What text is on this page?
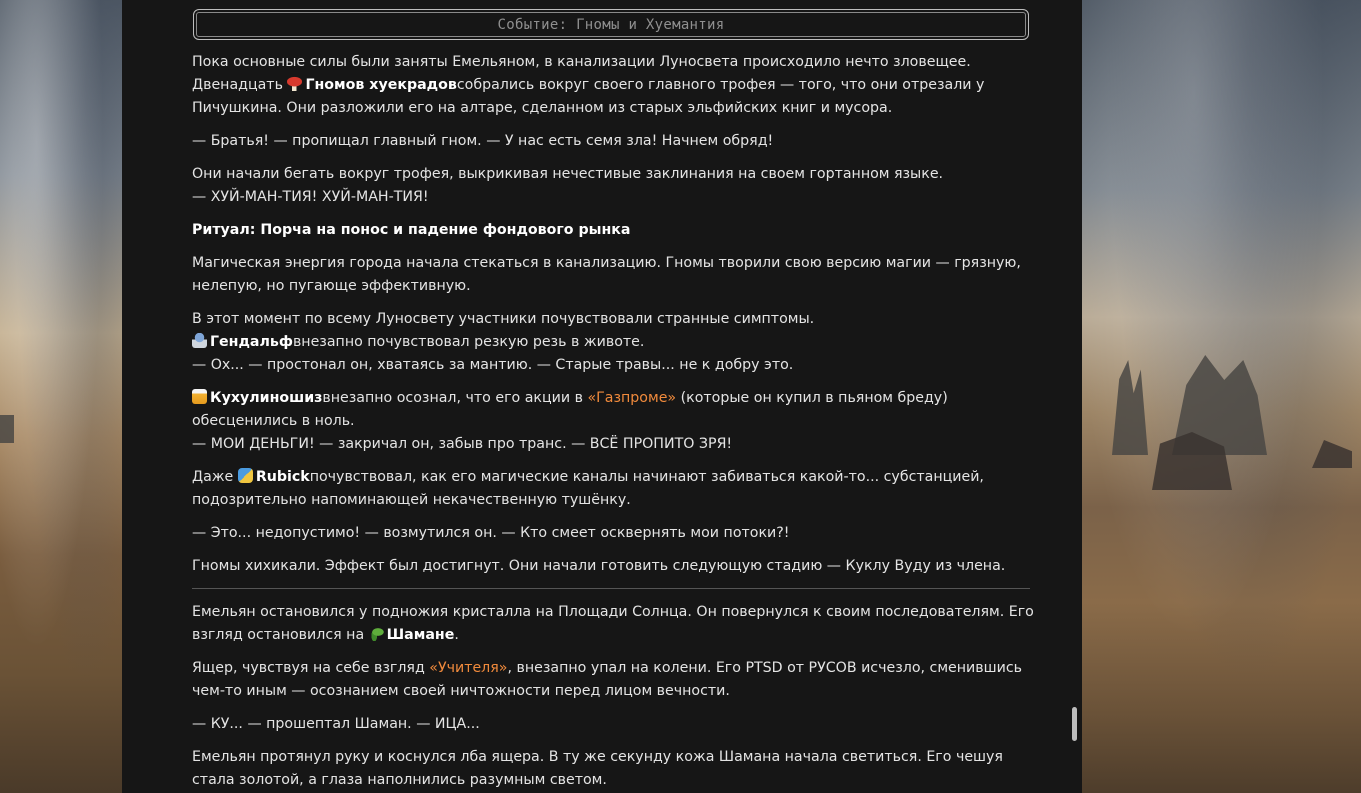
Событие: Гномы и Хуемантия

Пока основные силы были заняты Емельяном, в канализации Луносвета происходило нечто зловещее. Двенадцать Гномов хуекрадовсобрались вокруг своего главного трофея — того, что они отрезали у Пичушкина. Они разложили его на алтаре, сделанном из старых эльфийских книг и мусора.

— Братья! — пропищал главный гном. — У нас есть семя зла! Начнем обряд!

Они начали бегать вокруг трофея, выкрикивая нечестивые заклинания на своем гортанном языке.
— ХУЙ-МАН-ТИЯ! ХУЙ-МАН-ТИЯ!

Ритуал: Порча на понос и падение фондового рынка

Магическая энергия города начала стекаться в канализацию. Гномы творили свою версию магии — грязную, нелепую, но пугающе эффективную.

В этот момент по всему Луносвету участники почувствовали странные симптомы.
Гендальфвнезапно почувствовал резкую резь в животе.
— Ох... — простонал он, хватаясь за мантию. — Старые травы... не к добру это.

Кухулиношизвнезапно осознал, что его акции в «Газпроме» (которые он купил в пьяном бреду) обесценились в ноль.
— МОИ ДЕНЬГИ! — закричал он, забыв про транс. — ВСЁ ПРОПИТО ЗРЯ!

Даже Rubickпочувствовал, как его магические каналы начинают забиваться какой-то... субстанцией, подозрительно напоминающей некачественную тушёнку.

— Это... недопустимо! — возмутился он. — Кто смеет осквернять мои потоки?!

Гномы хихикали. Эффект был достигнут. Они начали готовить следующую стадию — Куклу Вуду из члена.

Емельян остановился у подножия кристалла на Площади Солнца. Он повернулся к своим последователям. Его взгляд остановился на Шамане.

Ящер, чувствуя на себе взгляд «Учителя», внезапно упал на колени. Его PTSD от РУСОВ исчезло, сменившись чем-то иным — осознанием своей ничтожности перед лицом вечности.

— КУ... — прошептал Шаман. — ИЦА...

Емельян протянул руку и коснулся лба ящера. В ту же секунду кожа Шамана начала светиться. Его чешуя стала золотой, а глаза наполнились разумным светом.
